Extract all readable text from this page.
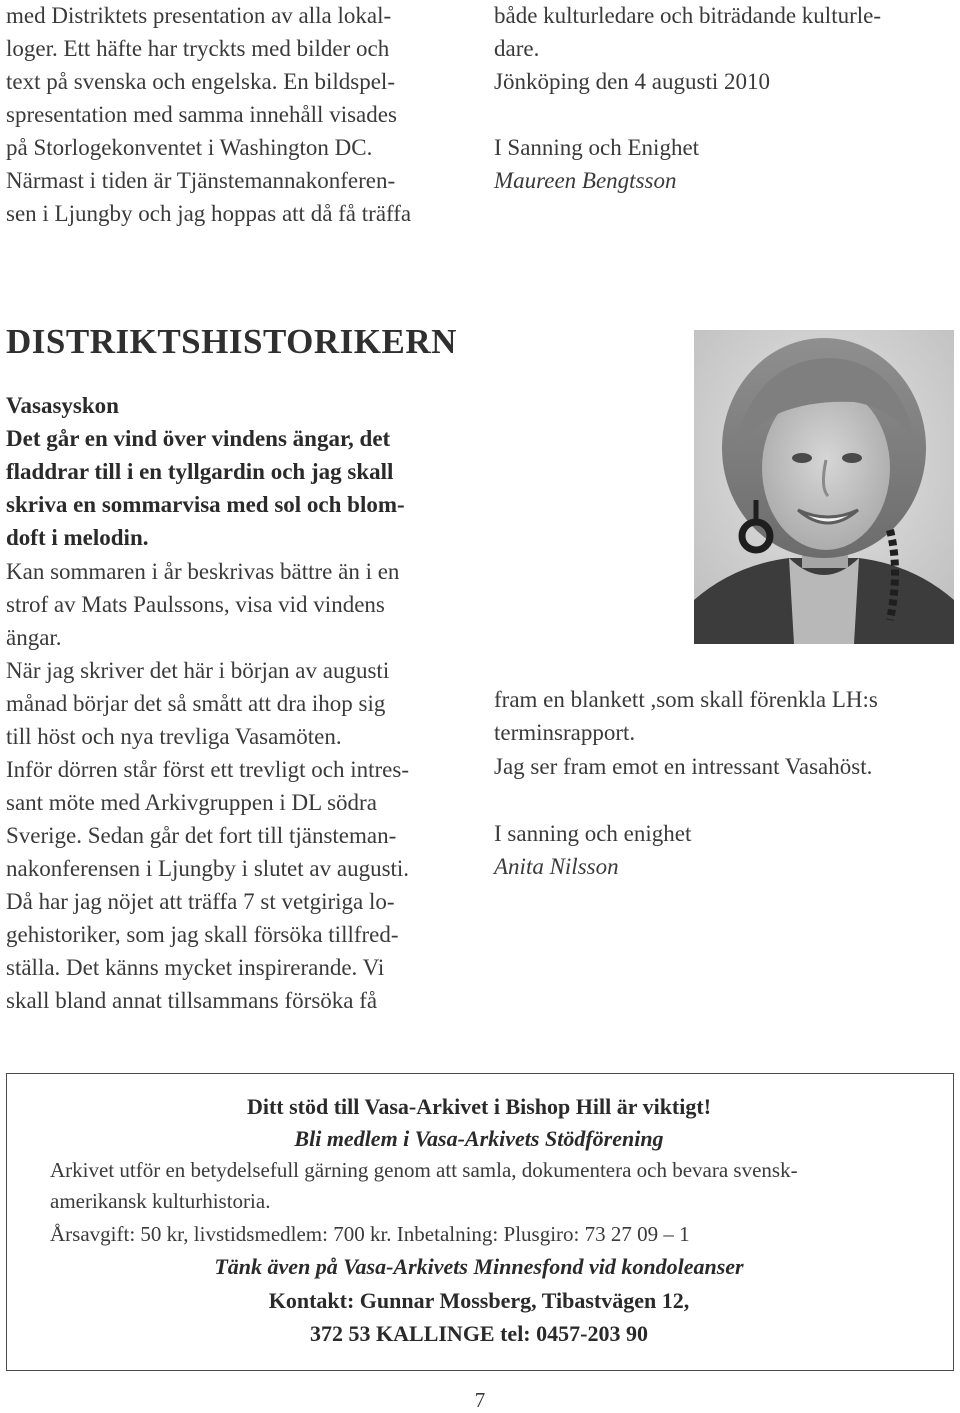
med Distriktets presentation av alla lokal-
loger. Ett häfte har tryckts med bilder och
text på svenska och engelska. En bildspel-
spresentation med samma innehåll visades
på Storlogekonventet i Washington DC.
Närmast i tiden är Tjänstemannakonferen-
sen i Ljungby och jag hoppas att då få träffa
både kulturledare och biträdande kulturle-
dare.
Jönköping den 4 augusti 2010
I Sanning och Enighet
Maureen Bengtsson
DISTRIKTSHISTORIKERN
Vasasyskon
Det går en vind över vindens ängar, det
fladdrar till i en tyllgardin och jag skall
skriva en sommarvisa med sol och blom-
doft i melodin.
Kan sommaren i år beskrivas bättre än i en
strof av Mats Paulssons, visa vid vindens
ängar.
När jag skriver det här i början av augusti
månad börjar det så smått att dra ihop sig
till höst och nya trevliga Vasamöten.
Inför dörren står först ett trevligt och intres-
sant möte med Arkivgruppen i DL södra
Sverige. Sedan går det fort till tjänsteman-
nakonferensen i Ljungby i slutet av augusti.
Då har jag nöjet att träffa 7 st vetgiriga lo-
gehistoriker, som jag skall försöka tillfred-
ställa. Det känns mycket inspirerande. Vi
skall bland annat tillsammans försöka få
fram en blankett ,som skall förenkla LH:s
terminsrapport.
Jag ser fram emot en intressant Vasahöst.
I sanning och enighet
Anita Nilsson
Ditt stöd till Vasa-Arkivet i Bishop Hill är viktigt!
Bli medlem i Vasa-Arkivets Stödförening
Arkivet utför en betydelsefull gärning genom att samla, dokumentera och bevara svensk-
amerikansk kulturhistoria.
Årsavgift: 50 kr, livstidsmedlem: 700 kr. Inbetalning: Plusgiro: 73 27 09 – 1
Tänk även på Vasa-Arkivets Minnesfond vid kondoleanser
Kontakt: Gunnar Mossberg, Tibastvägen 12,
372 53 KALLINGE tel: 0457-203 90
7
